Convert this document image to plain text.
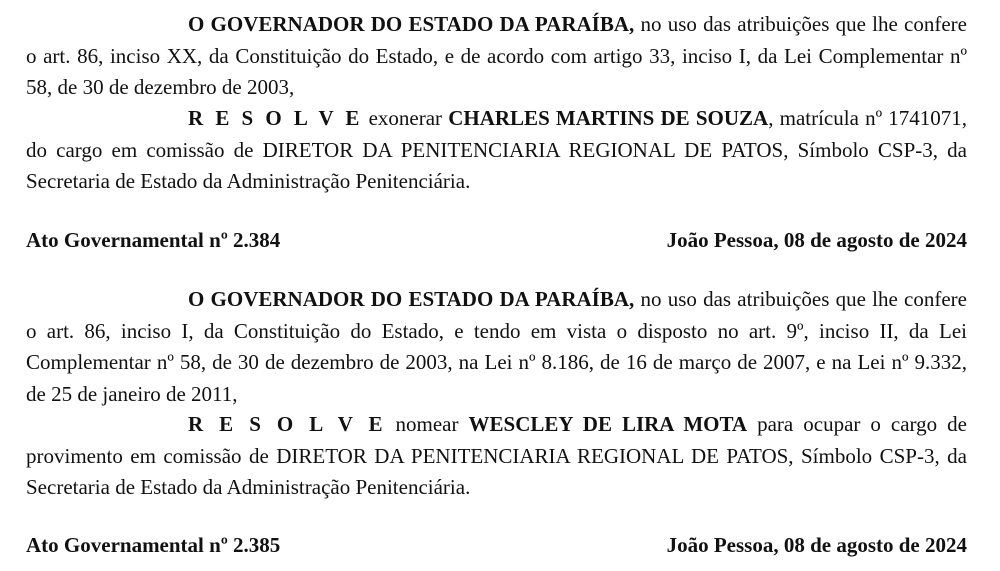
O GOVERNADOR DO ESTADO DA PARAÍBA, no uso das atribuições que lhe confere o art. 86, inciso XX, da Constituição do Estado, e de acordo com artigo 33, inciso I, da Lei Complementar nº 58, de 30 de dezembro de 2003,

R E S O L V E exonerar CHARLES MARTINS DE SOUZA, matrícula nº 1741071, do cargo em comissão de DIRETOR DA PENITENCIARIA REGIONAL DE PATOS, Símbolo CSP-3, da Secretaria de Estado da Administração Penitenciária.

Ato Governamental nº 2.384	João Pessoa, 08 de agosto de 2024

O GOVERNADOR DO ESTADO DA PARAÍBA, no uso das atribuições que lhe confere o art. 86, inciso I, da Constituição do Estado, e tendo em vista o disposto no art. 9º, inciso II, da Lei Complementar nº 58, de 30 de dezembro de 2003, na Lei nº 8.186, de 16 de março de 2007, e na Lei nº 9.332, de 25 de janeiro de 2011,

R E S O L V E nomear WESCLEY DE LIRA MOTA para ocupar o cargo de provimento em comissão de DIRETOR DA PENITENCIARIA REGIONAL DE PATOS, Símbolo CSP-3, da Secretaria de Estado da Administração Penitenciária.

Ato Governamental nº 2.385	João Pessoa, 08 de agosto de 2024
